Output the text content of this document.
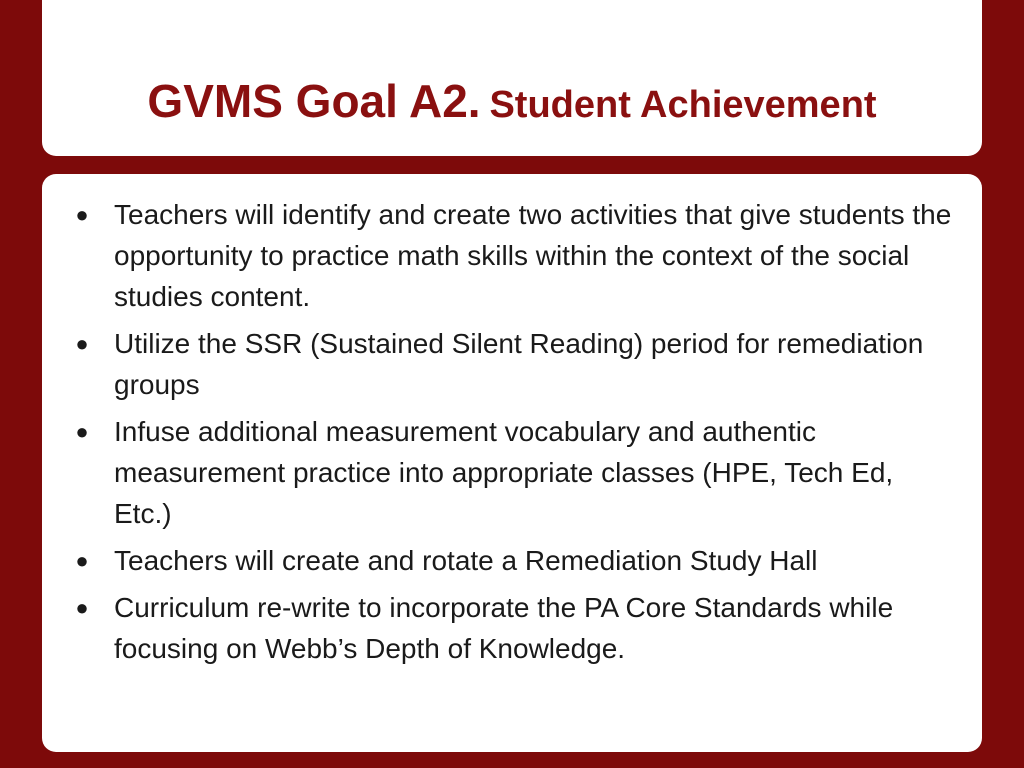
GVMS Goal A2. Student Achievement
● Teachers will identify and create two activities that give students the opportunity to practice math skills within the context of the social studies content.
● Utilize the SSR (Sustained Silent Reading) period for remediation groups
● Infuse additional measurement vocabulary and authentic measurement practice into appropriate classes (HPE, Tech Ed, Etc.)
● Teachers will create and rotate a Remediation Study Hall
● Curriculum re-write to incorporate the PA Core Standards while focusing on Webb’s Depth of Knowledge.
